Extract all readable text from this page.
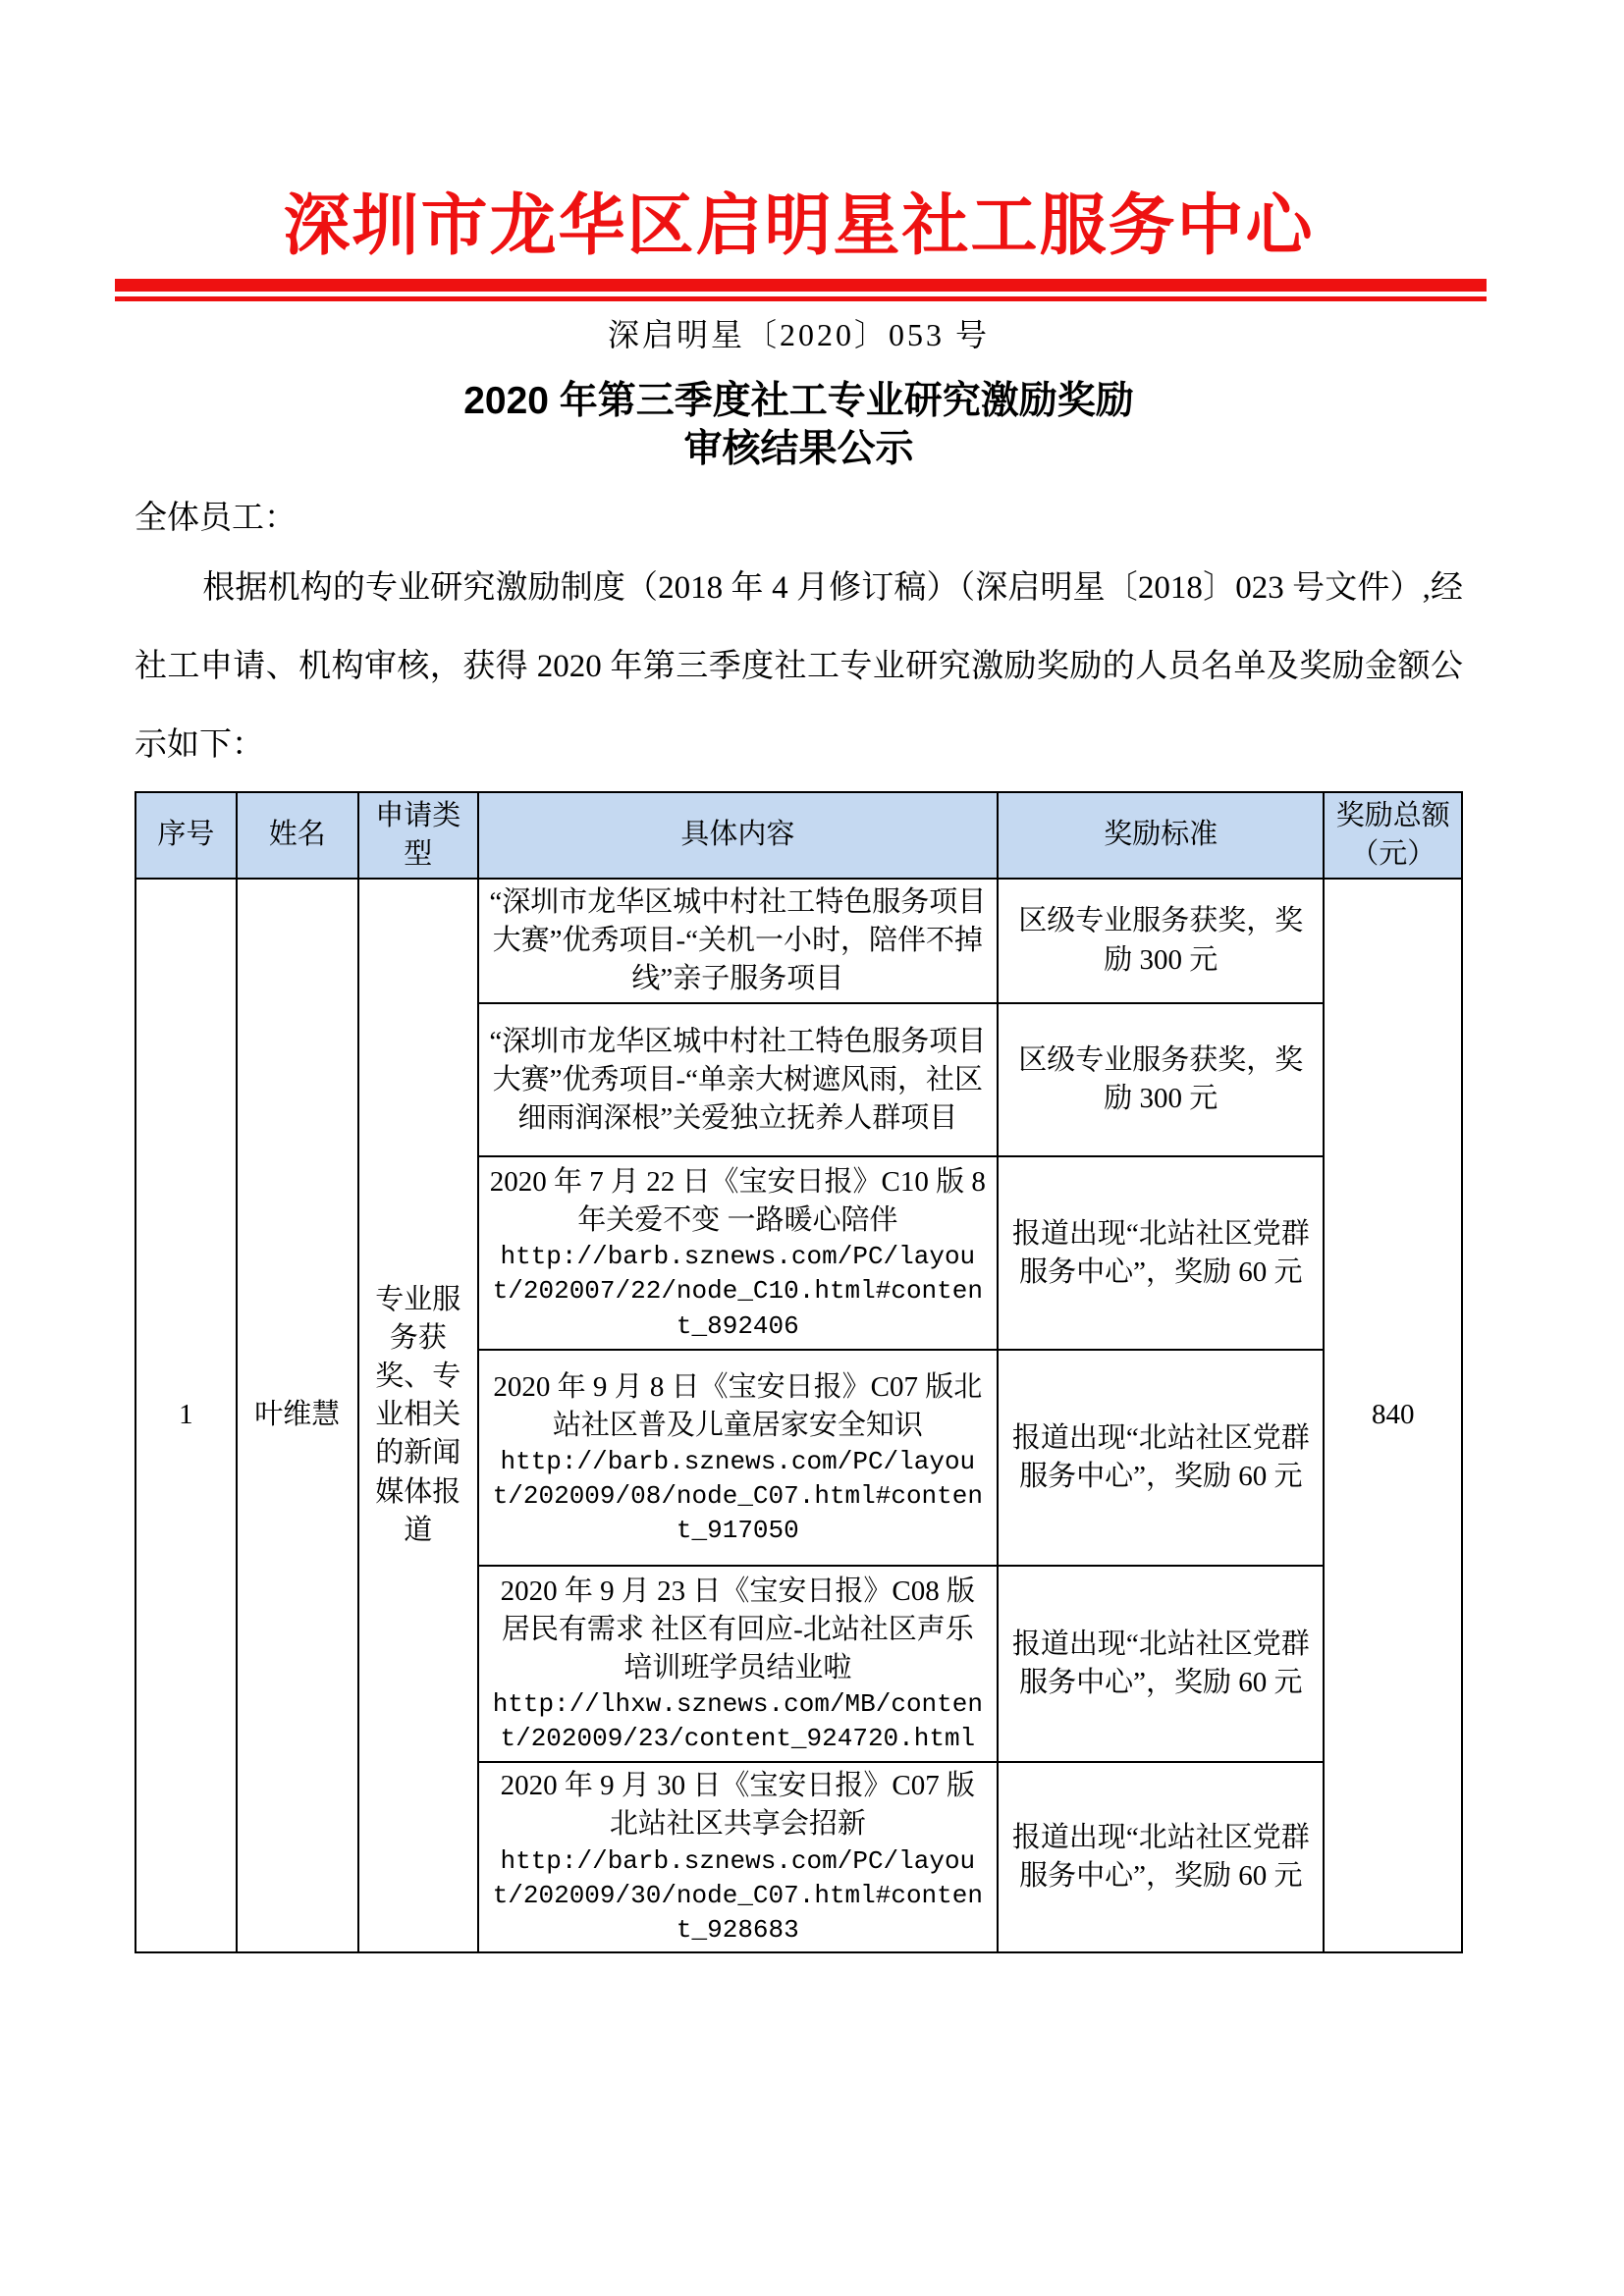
深圳市龙华区启明星社工服务中心
深启明星〔2020〕053 号
2020 年第三季度社工专业研究激励奖励
审核结果公示

全体员工：

根据机构的专业研究激励制度（2018 年 4 月修订稿）（深启明星〔2018〕023 号文件）,经社工申请、机构审核，获得 2020 年第三季度社工专业研究激励奖励的人员名单及奖励金额公示如下：

序号	姓名	申请类型	具体内容	奖励标准	奖励总额（元）
1	叶维慧	专业服务获奖、专业相关的新闻媒体报道	“深圳市龙华区城中村社工特色服务项目大赛”优秀项目-“关机一小时，陪伴不掉线”亲子服务项目	区级专业服务获奖，奖励 300 元	840

			“深圳市龙华区城中村社工特色服务项目大赛”优秀项目-“单亲大树遮风雨，社区细雨润深根”关爱独立抚养人群项目	区级专业服务获奖，奖励 300 元	

			2020 年 7 月 22 日《宝安日报》C10 版 8 年关爱不变 一路暖心陪伴
http://barb.sznews.com/PC/layout/202007/22/node_C10.html#content_892406	报道出现“北站社区党群服务中心”，奖励 60 元	

			2020 年 9 月 8 日《宝安日报》C07 版北站社区普及儿童居家安全知识
http://barb.sznews.com/PC/layout/202009/08/node_C07.html#content_917050	报道出现“北站社区党群服务中心”，奖励 60 元	

			2020 年 9 月 23 日《宝安日报》C08 版居民有需求 社区有回应-北站社区声乐培训班学员结业啦
http://lhxw.sznews.com/MB/content/202009/23/content_924720.html	报道出现“北站社区党群服务中心”，奖励 60 元	

			2020 年 9 月 30 日《宝安日报》C07 版北站社区共享会招新
http://barb.sznews.com/PC/layout/202009/30/node_C07.html#content_928683	报道出现“北站社区党群服务中心”，奖励 60 元	
